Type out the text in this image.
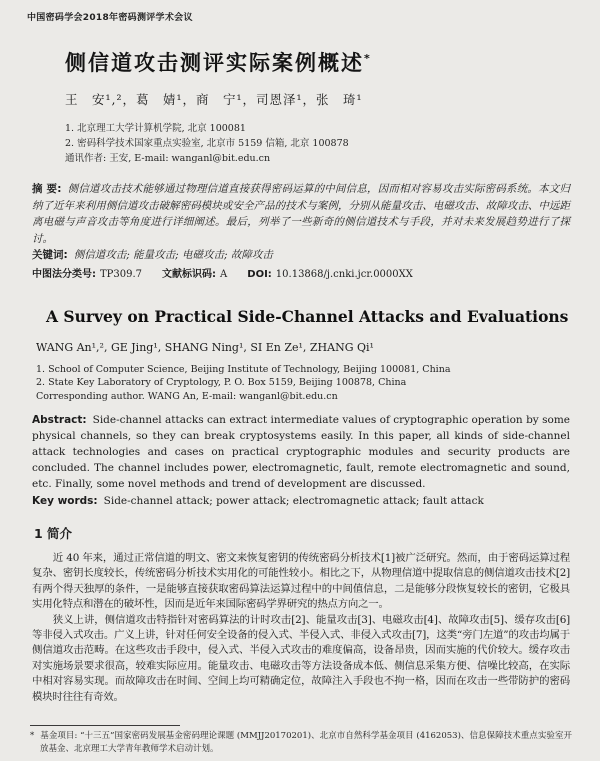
中国密码学会2018年密码测评学术会议
侧信道攻击测评实际案例概述*
王　安¹,²，葛　婧¹，商　宁¹，司恩泽¹，张　琦¹
1. 北京理工大学计算机学院, 北京 100081
2. 密码科学技术国家重点实验室, 北京市 5159 信箱, 北京 100878
通讯作者: 王安, E-mail: wanganl@bit.edu.cn

摘 要: 侧信道攻击技术能够通过物理信道直接获得密码运算的中间信息，因而相对容易攻击实际密码系统。本文归纳了近年来利用侧信道攻击破解密码模块或安全产品的技术与案例，分别从能量攻击、电磁攻击、故障攻击、中远距离电磁与声音攻击等角度进行详细阐述。最后，列举了一些新奇的侧信道技术与手段，并对未来发展趋势进行了探讨。

关键词: 侧信道攻击; 能量攻击; 电磁攻击; 故障攻击

中图法分类号: TP309.7 文献标识码: A DOI: 10.13868/j.cnki.jcr.0000XX

A Survey on Practical Side-Channel Attacks and Evaluations
WANG An¹,², GE Jing¹, SHANG Ning¹, SI En Ze¹, ZHANG Qi¹
1. School of Computer Science, Beijing Institute of Technology, Beijing 100081, China
2. State Key Laboratory of Cryptology, P. O. Box 5159, Beijing 100878, China
Corresponding author. WANG An, E-mail: wanganl@bit.edu.cn

Abstract: Side-channel attacks can extract intermediate values of cryptographic operation by some physical channels, so they can break cryptosystems easily. In this paper, all kinds of side-channel attack technologies and cases on practical cryptographic modules and security products are concluded. The channel includes power, electromagnetic, fault, remote electromagnetic and sound, etc. Finally, some novel methods and trend of development are discussed.

Key words: Side-channel attack; power attack; electromagnetic attack; fault attack

1 简介

近 40 年来，通过正常信道的明文、密文来恢复密钥的传统密码分析技术[1]被广泛研究。然而，由于密码运算过程复杂、密钥长度较长，传统密码分析技术实用化的可能性较小。相比之下，从物理信道中提取信息的侧信道攻击技术[2]有两个得天独厚的条件，一是能够直接获取密码算法运算过程中的中间值信息，二是能够分段恢复较长的密钥，它极具实用化特点和潜在的破坏性，因而是近年来国际密码学界研究的热点方向之一。

狭义上讲，侧信道攻击特指针对密码算法的计时攻击[2]、能量攻击[3]、电磁攻击[4]、故障攻击[5]、缓存攻击[6]等非侵入式攻击。广义上讲，针对任何安全设备的侵入式、半侵入式、非侵入式攻击[7]，这类“旁门左道”的攻击均属于侧信道攻击范畴。在这些攻击手段中，侵入式、半侵入式攻击的难度偏高，设备昂贵，因而实施的代价较大。缓存攻击对实施场景要求很高，较难实际应用。能量攻击、电磁攻击等方法设备成本低、侧信息采集方便、信噪比较高，在实际中相对容易实现。而故障攻击在时间、空间上均可精确定位，故障注入手段也不拘一格，因而在攻击一些带防护的密码模块时往往有奇效。

* 基金项目: “十三五”国家密码发展基金密码理论课题 (MMJJ20170201)、北京市自然科学基金项目 (4162053)、信息保障技术重点实验室开放基金、北京理工大学青年教师学术启动计划。
